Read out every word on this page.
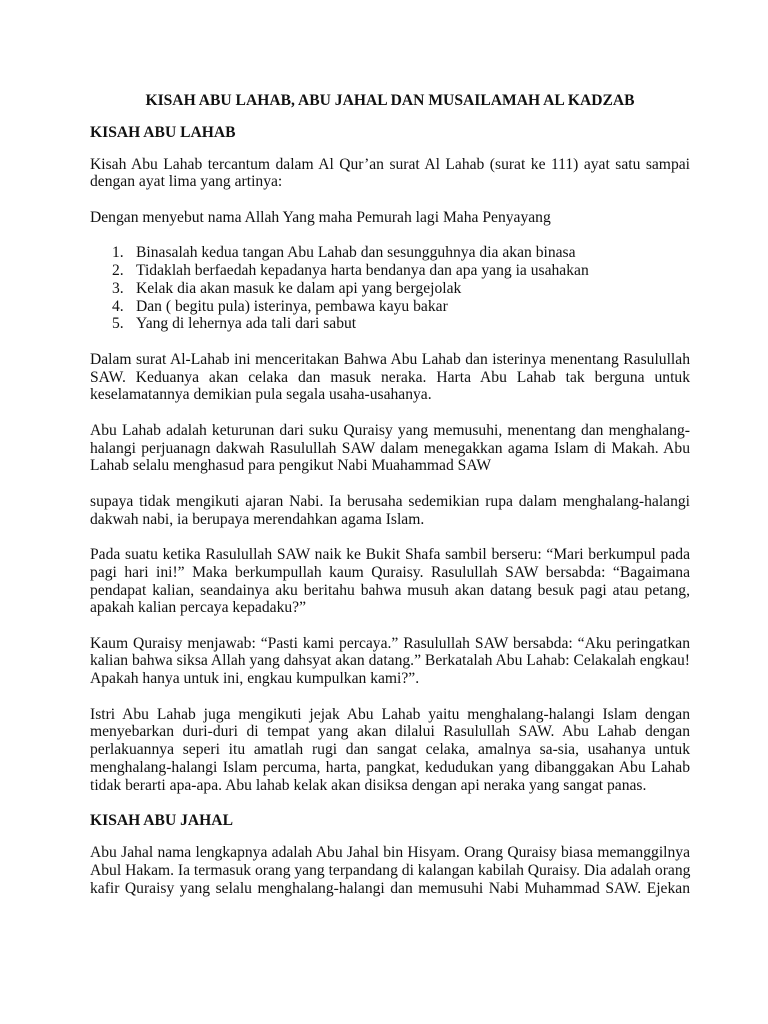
KISAH ABU LAHAB, ABU JAHAL DAN MUSAILAMAH AL KADZAB
KISAH ABU LAHAB
Kisah Abu Lahab tercantum dalam Al Qur’an surat Al Lahab (surat ke 111) ayat satu sampai
dengan ayat lima yang artinya:
Dengan menyebut nama Allah Yang maha Pemurah lagi Maha Penyayang
1. Binasalah kedua tangan Abu Lahab dan sesungguhnya dia akan binasa
2. Tidaklah berfaedah kepadanya harta bendanya dan apa yang ia usahakan
3. Kelak dia akan masuk ke dalam api yang bergejolak
4. Dan ( begitu pula) isterinya, pembawa kayu bakar
5. Yang di lehernya ada tali dari sabut
Dalam surat Al-Lahab ini menceritakan Bahwa Abu Lahab dan isterinya menentang Rasulullah
SAW. Keduanya akan celaka dan masuk neraka. Harta Abu Lahab tak berguna untuk
keselamatannya demikian pula segala usaha-usahanya.
Abu Lahab adalah keturunan dari suku Quraisy yang memusuhi, menentang dan menghalang-
halangi perjuanagn dakwah Rasulullah SAW dalam menegakkan agama Islam di Makah. Abu
Lahab selalu menghasud para pengikut Nabi Muahammad SAW
supaya tidak mengikuti ajaran Nabi. Ia berusaha sedemikian rupa dalam menghalang-halangi
dakwah nabi, ia berupaya merendahkan agama Islam.
Pada suatu ketika Rasulullah SAW naik ke Bukit Shafa sambil berseru: “Mari berkumpul pada
pagi hari ini!” Maka berkumpullah kaum Quraisy. Rasulullah SAW bersabda: “Bagaimana
pendapat kalian, seandainya aku beritahu bahwa musuh akan datang besuk pagi atau petang,
apakah kalian percaya kepadaku?”
Kaum Quraisy menjawab: “Pasti kami percaya.” Rasulullah SAW bersabda: “Aku peringatkan
kalian bahwa siksa Allah yang dahsyat akan datang.” Berkatalah Abu Lahab: Celakalah engkau!
Apakah hanya untuk ini, engkau kumpulkan kami?”.
Istri Abu Lahab juga mengikuti jejak Abu Lahab yaitu menghalang-halangi Islam dengan
menyebarkan duri-duri di tempat yang akan dilalui Rasulullah SAW. Abu Lahab dengan
perlakuannya seperi itu amatlah rugi dan sangat celaka, amalnya sa-sia, usahanya untuk
menghalang-halangi Islam percuma, harta, pangkat, kedudukan yang dibanggakan Abu Lahab
tidak berarti apa-apa. Abu lahab kelak akan disiksa dengan api neraka yang sangat panas.
KISAH ABU JAHAL
Abu Jahal nama lengkapnya adalah Abu Jahal bin Hisyam. Orang Quraisy biasa memanggilnya
Abul Hakam. Ia termasuk orang yang terpandang di kalangan kabilah Quraisy. Dia adalah orang
kafir Quraisy yang selalu menghalang-halangi dan memusuhi Nabi Muhammad SAW. Ejekan
